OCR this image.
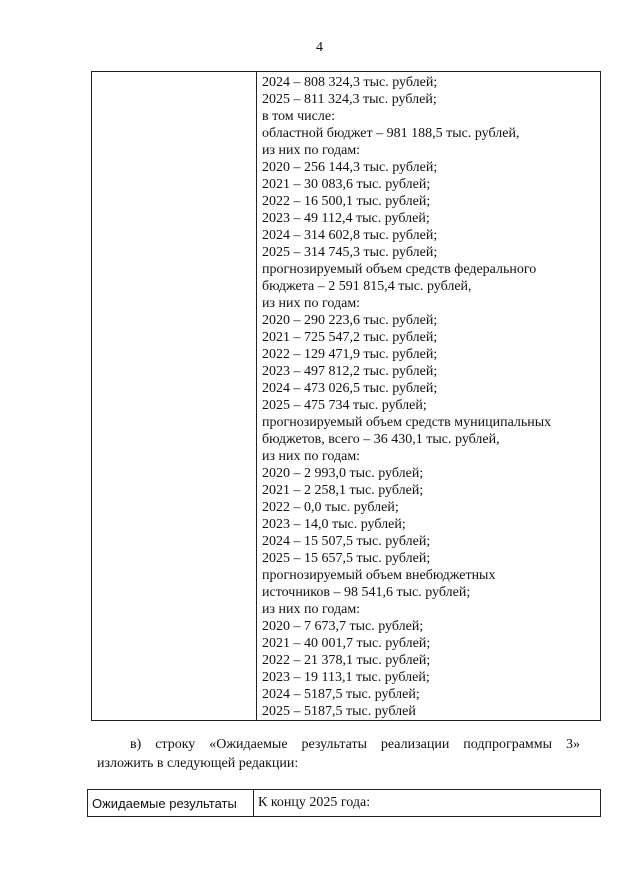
4

2024 – 808 324,3 тыс. рублей;
2025 – 811 324,3 тыс. рублей;
в том числе:
областной бюджет – 981 188,5 тыс. рублей,
из них по годам:
2020 – 256 144,3 тыс. рублей;
2021 – 30 083,6 тыс. рублей;
2022 – 16 500,1 тыс. рублей;
2023 – 49 112,4 тыс. рублей;
2024 – 314 602,8 тыс. рублей;
2025 – 314 745,3 тыс. рублей;
прогнозируемый объем средств федерального
бюджета – 2 591 815,4 тыс. рублей,
из них по годам:
2020 – 290 223,6 тыс. рублей;
2021 – 725 547,2 тыс. рублей;
2022 – 129 471,9 тыс. рублей;
2023 – 497 812,2 тыс. рублей;
2024 – 473 026,5 тыс. рублей;
2025 – 475 734 тыс. рублей;
прогнозируемый объем средств муниципальных
бюджетов, всего – 36 430,1 тыс. рублей,
из них по годам:
2020 – 2 993,0 тыс. рублей;
2021 – 2 258,1 тыс. рублей;
2022 – 0,0 тыс. рублей;
2023 – 14,0 тыс. рублей;
2024 – 15 507,5 тыс. рублей;
2025 – 15 657,5 тыс. рублей;
прогнозируемый объем внебюджетных
источников – 98 541,6 тыс. рублей;
из них по годам:
2020 – 7 673,7 тыс. рублей;
2021 – 40 001,7 тыс. рублей;
2022 – 21 378,1 тыс. рублей;
2023 – 19 113,1 тыс. рублей;
2024 – 5187,5 тыс. рублей;
2025 – 5187,5 тыс. рублей
в) строку «Ожидаемые результаты реализации подпрограммы 3»
изложить в следующей редакции:
Ожидаемые результаты	К концу 2025 года:
